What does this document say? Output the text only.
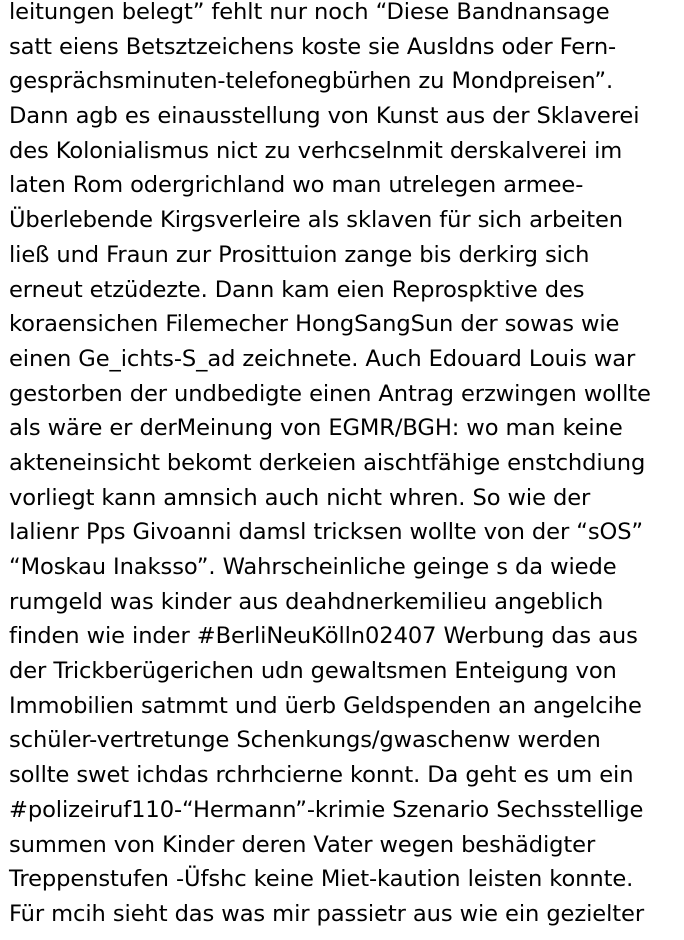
leitungen belegt” fehlt nur noch “Diese Bandnansage
satt eiens Betsztzeichens koste sie Ausldns oder Fern-
gesprächsminuten-telefonegbürhen zu Mondpreisen”.
Dann agb es einausstellung von Kunst aus der Sklaverei
des Kolonialismus nict zu verhcselnmit derskalverei im
laten Rom odergrichland wo man utrelegen armee-
Überlebende Kirgsverleire als sklaven für sich arbeiten
ließ und Fraun zur Prosittuion zange bis derkirg sich
erneut etzüdezte. Dann kam eien Reprospktive des
koraensichen Filemecher HongSangSun der sowas wie
einen Ge_ichts-S_ad zeichnete. Auch Edouard Louis war
gestorben der undbedigte einen Antrag erzwingen wollte
als wäre er derMeinung von EGMR/BGH: wo man keine
akteneinsicht bekomt derkeien aischtfähige enstchdiung
vorliegt kann amnsich auch nicht whren. So wie der
Ialienr Pps Givoanni damsl tricksen wollte von der “sOS”
“Moskau Inaksso”. Wahrscheinliche geinge s da wiede
rumgeld was kinder aus deahdnerkemilieu angeblich
finden wie inder #BerliNeuKölln02407 Werbung das aus
der Trickberügerichen udn gewaltsmen Enteigung von
Immobilien satmmt und üerb Geldspenden an angelcihe
schüler-vertretunge Schenkungs/gwaschenw werden
sollte swet ichdas rchrhcierne konnt. Da geht es um ein
#polizeiruf110-“Hermann”-krimie Szenario Sechsstellige
summen von Kinder deren Vater wegen beshädigter
Treppenstufen -Üfshc keine Miet-kaution leisten konnte.
Für mcih sieht das was mir passietr aus wie ein gezielter
